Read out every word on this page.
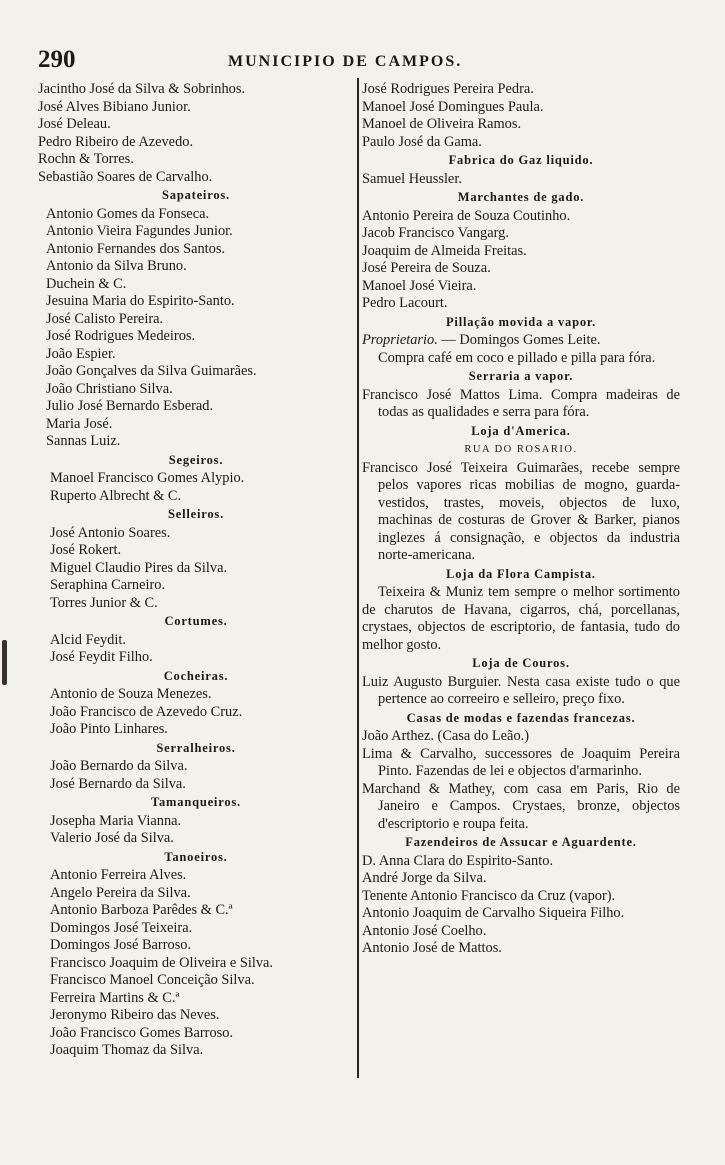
290	MUNICIPIO DE CAMPOS.
Jacintho José da Silva & Sobrinhos.
José Alves Bibiano Junior.
José Deleau.
Pedro Ribeiro de Azevedo.
Rochn & Torres.
Sebastião Soares de Carvalho.
Sapateiros.
Antonio Gomes da Fonseca.
Antonio Vieira Fagundes Junior.
Antonio Fernandes dos Santos.
Antonio da Silva Bruno.
Duchein & C.
Jesuina Maria do Espirito-Santo.
José Calisto Pereira.
José Rodrigues Medeiros.
João Espier.
João Gonçalves da Silva Guimarães.
João Christiano Silva.
Julio José Bernardo Esberad.
Maria José.
Sannas Luiz.
Segeiros.
Manoel Francisco Gomes Alypio.
Ruperto Albrecht & C.
Selleiros.
José Antonio Soares.
José Rokert.
Miguel Claudio Pires da Silva.
Seraphina Carneiro.
Torres Junior & C.
Cortumes.
Alcid Feydit.
José Feydit Filho.
Cocheiras.
Antonio de Souza Menezes.
João Francisco de Azevedo Cruz.
João Pinto Linhares.
Serralheiros.
João Bernardo da Silva.
José Bernardo da Silva.
Tamanqueiros.
Josepha Maria Vianna.
Valerio José da Silva.
Tanoeiros.
Antonio Ferreira Alves.
Angelo Pereira da Silva.
Antonio Barboza Parêdes & C.ª
Domingos José Teixeira.
Domingos José Barroso.
Francisco Joaquim de Oliveira e Silva.
Francisco Manoel Conceição Silva.
Ferreira Martins & C.ª
Jeronymo Ribeiro das Neves.
João Francisco Gomes Barroso.
Joaquim Thomaz da Silva.
José Rodrigues Pereira Pedra.
Manoel José Domingues Paula.
Manoel de Oliveira Ramos.
Paulo José da Gama.
Fabrica do Gaz liquido.
Samuel Heussler.
Marchantes de gado.
Antonio Pereira de Souza Coutinho.
Jacob Francisco Vangarg.
Joaquim de Almeida Freitas.
José Pereira de Souza.
Manoel José Vieira.
Pedro Lacourt.
Pillação movida a vapor.
Proprietario. — Domingos Gomes Leite.
Compra café em coco e pillado e pilla para fóra.
Serraria a vapor.
Francisco José Mattos Lima. Compra madeiras de todas as qualidades e serra para fóra.
Loja d'America.
RUA DO ROSARIO.
Francisco José Teixeira Guimarães, recebe sempre pelos vapores ricas mobilias de mogno, guarda-vestidos, trastes, moveis, objectos de luxo, machinas de costuras de Grover & Barker, pianos inglezes á consignação, e objectos da industria norte-americana.
Loja da Flora Campista.
Teixeira & Muniz tem sempre o melhor sortimento de charutos de Havana, cigarros, chá, porcellanas, crystaes, objectos de escriptorio, de fantasia, tudo do melhor gosto.
Loja de Couros.
Luiz Augusto Burguier. Nesta casa existe tudo o que pertence ao correeiro e selleiro, preço fixo.
Casas de modas e fazendas francezas.
João Arthez. (Casa do Leão.)
Lima & Carvalho, successores de Joaquim Pereira Pinto. Fazendas de lei e objectos d'armarinho.
Marchand & Mathey, com casa em Paris, Rio de Janeiro e Campos. Crystaes, bronze, objectos d'escriptorio e roupa feita.
Fazendeiros de Assucar e Aguardente.
D. Anna Clara do Espirito-Santo.
André Jorge da Silva.
Tenente Antonio Francisco da Cruz (vapor).
Antonio Joaquim de Carvalho Siqueira Filho.
Antonio José Coelho.
Antonio José de Mattos.
